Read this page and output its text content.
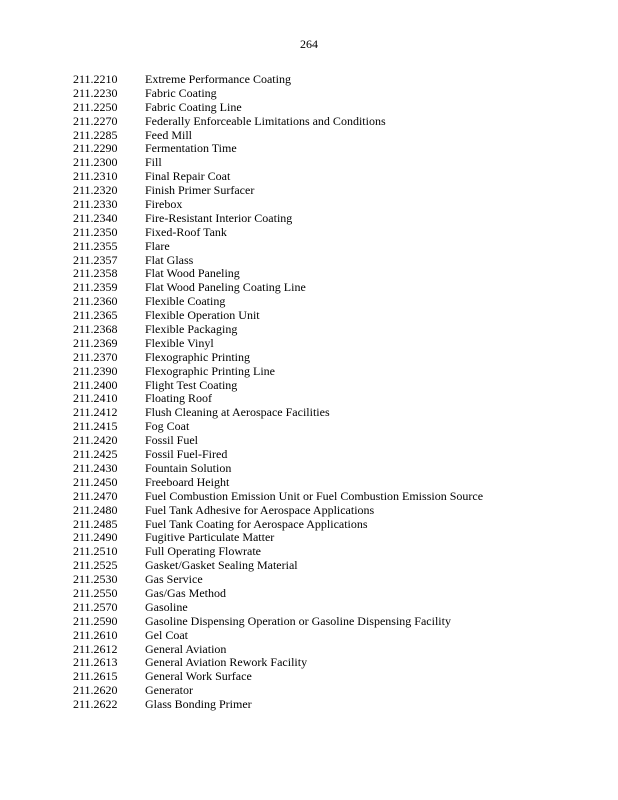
264
211.2210	Extreme Performance Coating
211.2230	Fabric Coating
211.2250	Fabric Coating Line
211.2270	Federally Enforceable Limitations and Conditions
211.2285	Feed Mill
211.2290	Fermentation Time
211.2300	Fill
211.2310	Final Repair Coat
211.2320	Finish Primer Surfacer
211.2330	Firebox
211.2340	Fire-Resistant Interior Coating
211.2350	Fixed-Roof Tank
211.2355	Flare
211.2357	Flat Glass
211.2358	Flat Wood Paneling
211.2359	Flat Wood Paneling Coating Line
211.2360	Flexible Coating
211.2365	Flexible Operation Unit
211.2368	Flexible Packaging
211.2369	Flexible Vinyl
211.2370	Flexographic Printing
211.2390	Flexographic Printing Line
211.2400	Flight Test Coating
211.2410	Floating Roof
211.2412	Flush Cleaning at Aerospace Facilities
211.2415	Fog Coat
211.2420	Fossil Fuel
211.2425	Fossil Fuel-Fired
211.2430	Fountain Solution
211.2450	Freeboard Height
211.2470	Fuel Combustion Emission Unit or Fuel Combustion Emission Source
211.2480	Fuel Tank Adhesive for Aerospace Applications
211.2485	Fuel Tank Coating for Aerospace Applications
211.2490	Fugitive Particulate Matter
211.2510	Full Operating Flowrate
211.2525	Gasket/Gasket Sealing Material
211.2530	Gas Service
211.2550	Gas/Gas Method
211.2570	Gasoline
211.2590	Gasoline Dispensing Operation or Gasoline Dispensing Facility
211.2610	Gel Coat
211.2612	General Aviation
211.2613	General Aviation Rework Facility
211.2615	General Work Surface
211.2620	Generator
211.2622	Glass Bonding Primer
